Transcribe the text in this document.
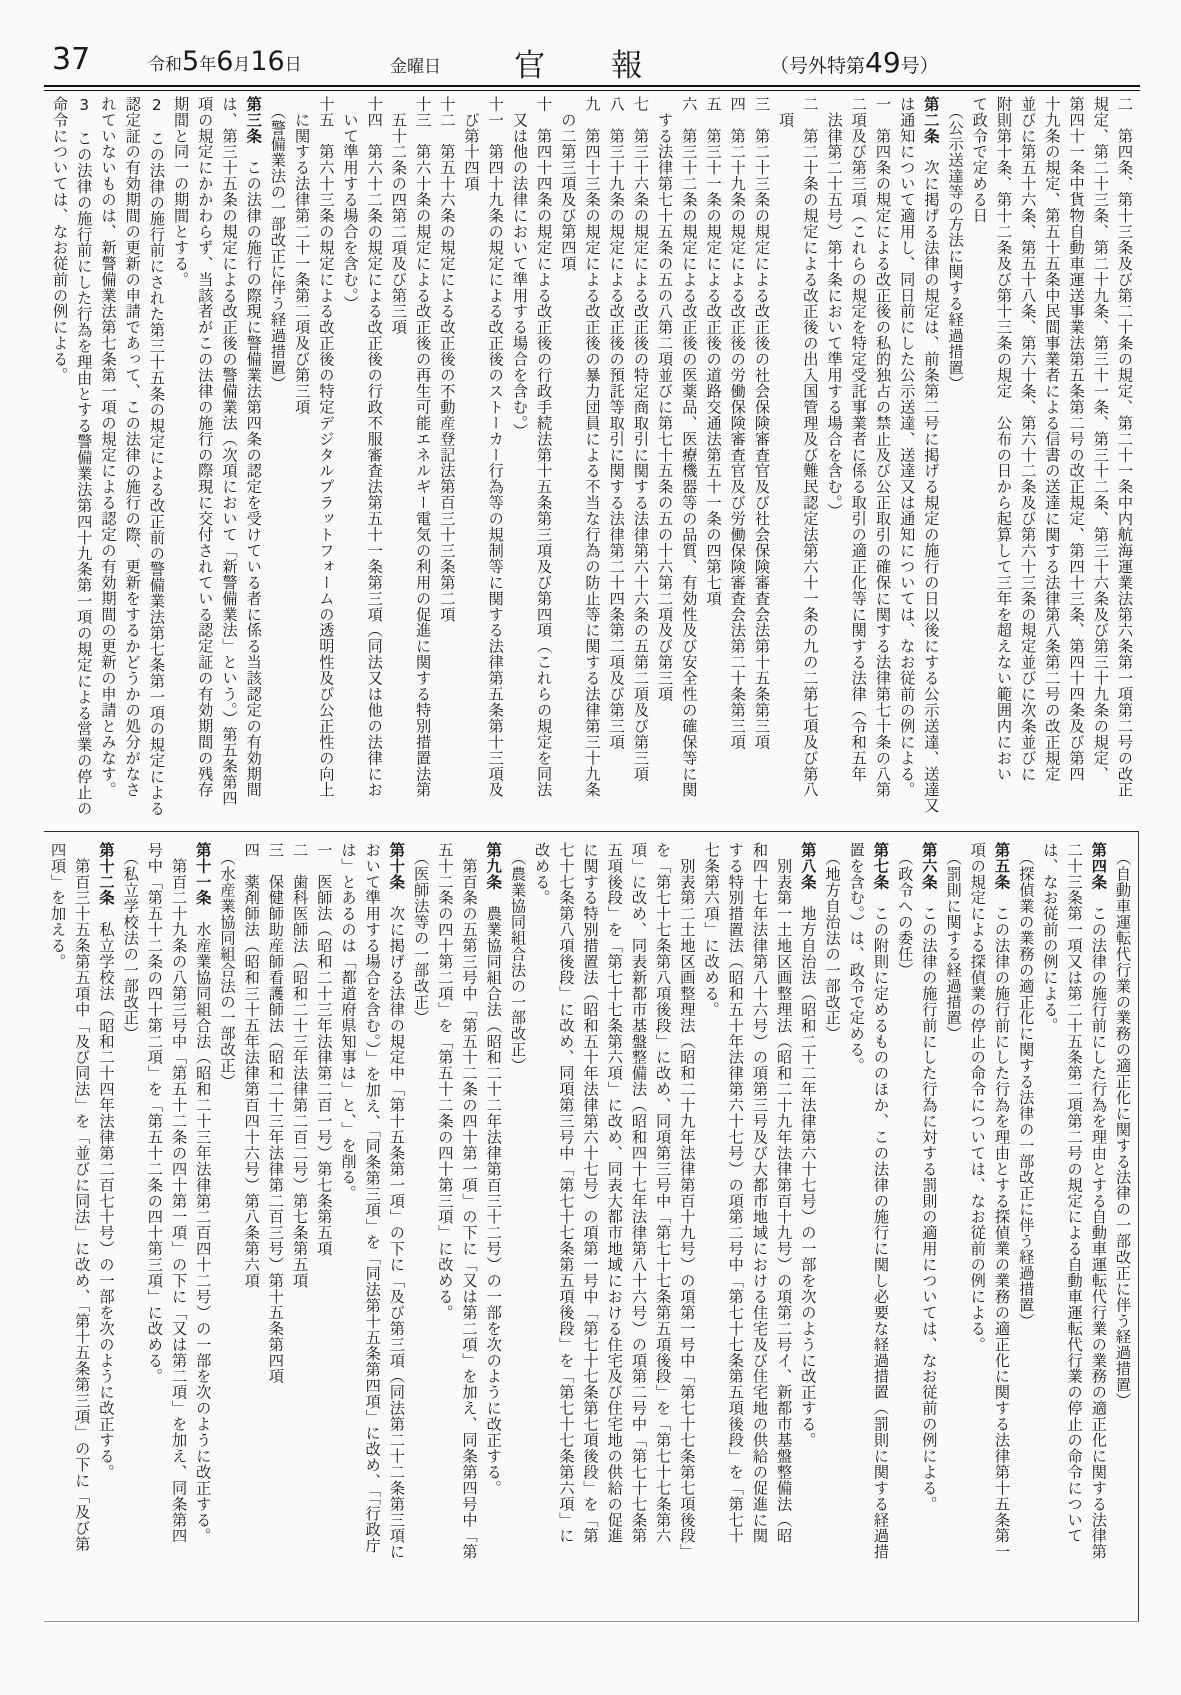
37	令和5年6月16日	金曜日 官報	（号外特第49号）
二　第四条、第十三条及び第二十条の規定、第二十一条中内航海運業法第六条第一項第二号の改正
規定、第二十三条、第二十九条、第三十一条、第三十二条、第三十六条及び第三十九条の規定、
第四十一条中貨物自動車運送事業法第五条第二号の改正規定、第四十三条、第四十四条及び第四
十九条の規定、第五十五条中民間事業者による信書の送達に関する法律第八条第二号の改正規定
並びに第五十六条、第五十八条、第六十条、第六十二条及び第六十三条の規定並びに次条並びに
附則第十条、第十二条及び第十三条の規定　公布の日から起算して三年を超えない範囲内におい
て政令で定める日
　（公示送達等の方法に関する経過措置）
第二条　次に掲げる法律の規定は、前条第二号に掲げる規定の施行の日以後にする公示送達、送達又
は通知について適用し、同日前にした公示送達、送達又は通知については、なお従前の例による。
一　第四条の規定による改正後の私的独占の禁止及び公正取引の確保に関する法律第七十条の八第
二項及び第三項（これらの規定を特定受託事業者に係る取引の適正化等に関する法律（令和五年
　法律第二十五号）第十条において準用する場合を含む。）
二　第二十条の規定による改正後の出入国管理及び難民認定法第六十一条の九の二第七項及び第八
　項
三　第二十三条の規定による改正後の社会保険審査官及び社会保険審査会法第十五条第三項
四　第二十九条の規定による改正後の労働保険審査官及び労働保険審査会法第二十条第三項
五　第三十一条の規定による改正後の道路交通法第五十一条の四第七項
六　第三十二条の規定による改正後の医薬品、医療機器等の品質、有効性及び安全性の確保等に関
　する法律第七十五条の五の八第二項並びに第七十五条の五の十六第二項及び第三項
七　第三十六条の規定による改正後の特定商取引に関する法律第六十六条の五第二項及び第三項
八　第三十九条の規定による改正後の預託等取引に関する法律第二十四条第二項及び第三項
九　第四十三条の規定による改正後の暴力団員による不当な行為の防止等に関する法律第三十九条
　の二第三項及び第四項
十　第四十四条の規定による改正後の行政手続法第十五条第三項及び第四項（これらの規定を同法
　又は他の法律において準用する場合を含む。）
十一　第四十九条の規定による改正後のストーカー行為等の規制等に関する法律第五条第十三項及
　び第十四項
十二　第五十六条の規定による改正後の不動産登記法第百三十三条第二項
十三　第六十条の規定による改正後の再生可能エネルギー電気の利用の促進に関する特別措置法第
　五十二条の四第二項及び第三項
十四　第六十二条の規定による改正後の行政不服審査法第五十一条第三項（同法又は他の法律にお
　いて準用する場合を含む。）
十五　第六十三条の規定による改正後の特定デジタルプラットフォームの透明性及び公正性の向上
　に関する法律第二十一条第二項及び第三項
　（警備業法の一部改正に伴う経過措置）
第三条　この法律の施行の際現に警備業法第四条の認定を受けている者に係る当該認定の有効期間
は、第三十五条の規定による改正後の警備業法（次項において「新警備業法」という。）第五条第四
項の規定にかかわらず、当該者がこの法律の施行の際現に交付されている認定証の有効期間の残存
期間と同一の期間とする。
2　この法律の施行前にされた第三十五条の規定による改正前の警備業法第七条第一項の規定による
認定証の有効期間の更新の申請であって、この法律の施行の際、更新をするかどうかの処分がなさ
れていないものは、新警備業法第七条第一項の規定による認定の有効期間の更新の申請とみなす。
3　この法律の施行前にした行為を理由とする警備業法第四十九条第一項の規定による営業の停止の
命令については、なお従前の例による。
　（自動車運転代行業の業務の適正化に関する法律の一部改正に伴う経過措置）
第四条　この法律の施行前にした行為を理由とする自動車運転代行業の業務の適正化に関する法律第
二十三条第一項又は第二十五条第二項第二号の規定による自動車運転代行業の停止の命令について
は、なお従前の例による。
　（探偵業の業務の適正化に関する法律の一部改正に伴う経過措置）
第五条　この法律の施行前にした行為を理由とする探偵業の業務の適正化に関する法律第十五条第一
項の規定による探偵業の停止の命令については、なお従前の例による。
　（罰則に関する経過措置）
第六条　この法律の施行前にした行為に対する罰則の適用については、なお従前の例による。
　（政令への委任）
第七条　この附則に定めるもののほか、この法律の施行に関し必要な経過措置（罰則に関する経過措
置を含む。）は、政令で定める。
　（地方自治法の一部改正）
第八条　地方自治法（昭和二十二年法律第六十七号）の一部を次のように改正する。
　別表第一土地区画整理法（昭和二十九年法律第百十九号）の項第二号イ、新都市基盤整備法（昭
和四十七年法律第八十六号）の項第三号及び大都市地域における住宅及び住宅地の供給の促進に関
する特別措置法（昭和五十年法律第六十七号）の項第二号中「第七十七条第五項後段」を「第七十
七条第六項」に改める。
　別表第二土地区画整理法（昭和二十九年法律第百十九号）の項第一号中「第七十七条第七項後段」
を「第七十七条第八項後段」に改め、同項第三号中「第七十七条第五項後段」を「第七十七条第六
項」に改め、同表新都市基盤整備法（昭和四十七年法律第八十六号）の項第二号中「第七十七条第
五項後段」を「第七十七条第六項」に改め、同表大都市地域における住宅及び住宅地の供給の促進
に関する特別措置法（昭和五十年法律第六十七号）の項第一号中「第七十七条第七項後段」を「第
七十七条第八項後段」に改め、同項第三号中「第七十七条第五項後段」を「第七十七条第六項」に
改める。
　（農業協同組合法の一部改正）
第九条　農業協同組合法（昭和二十二年法律第百三十二号）の一部を次のように改正する。
　第百条の五第三号中「第五十二条の四十第一項」の下に「又は第二項」を加え、同条第四号中「第
五十二条の四十第二項」を「第五十二条の四十第三項」に改める。
　（医師法等の一部改正）
第十条　次に掲げる法律の規定中「第十五条第一項」の下に「及び第三項（同法第二十二条第三項に
おいて準用する場合を含む。）」を加え、「同条第三項」を「同法第十五条第四項」に改め、「「行政庁
は」とあるのは「都道府県知事は」と、」を削る。
一　医師法（昭和二十三年法律第二百一号）第七条第五項
二　歯科医師法（昭和二十三年法律第二百二号）第七条第五項
三　保健師助産師看護師法（昭和二十三年法律第二百三号）第十五条第四項
四　薬剤師法（昭和三十五年法律第百四十六号）第八条第六項
　（水産業協同組合法の一部改正）
第十一条　水産業協同組合法（昭和二十三年法律第二百四十二号）の一部を次のように改正する。
　第百二十九条の八第三号中「第五十二条の四十第一項」の下に「又は第二項」を加え、同条第四
号中「第五十二条の四十第二項」を「第五十二条の四十第三項」に改める。
　（私立学校法の一部改正）
第十二条　私立学校法（昭和二十四年法律第二百七十号）の一部を次のように改正する。
　第百三十五条第五項中「及び同法」を「並びに同法」に改め、「第十五条第三項」の下に「及び第
四項」を加える。
